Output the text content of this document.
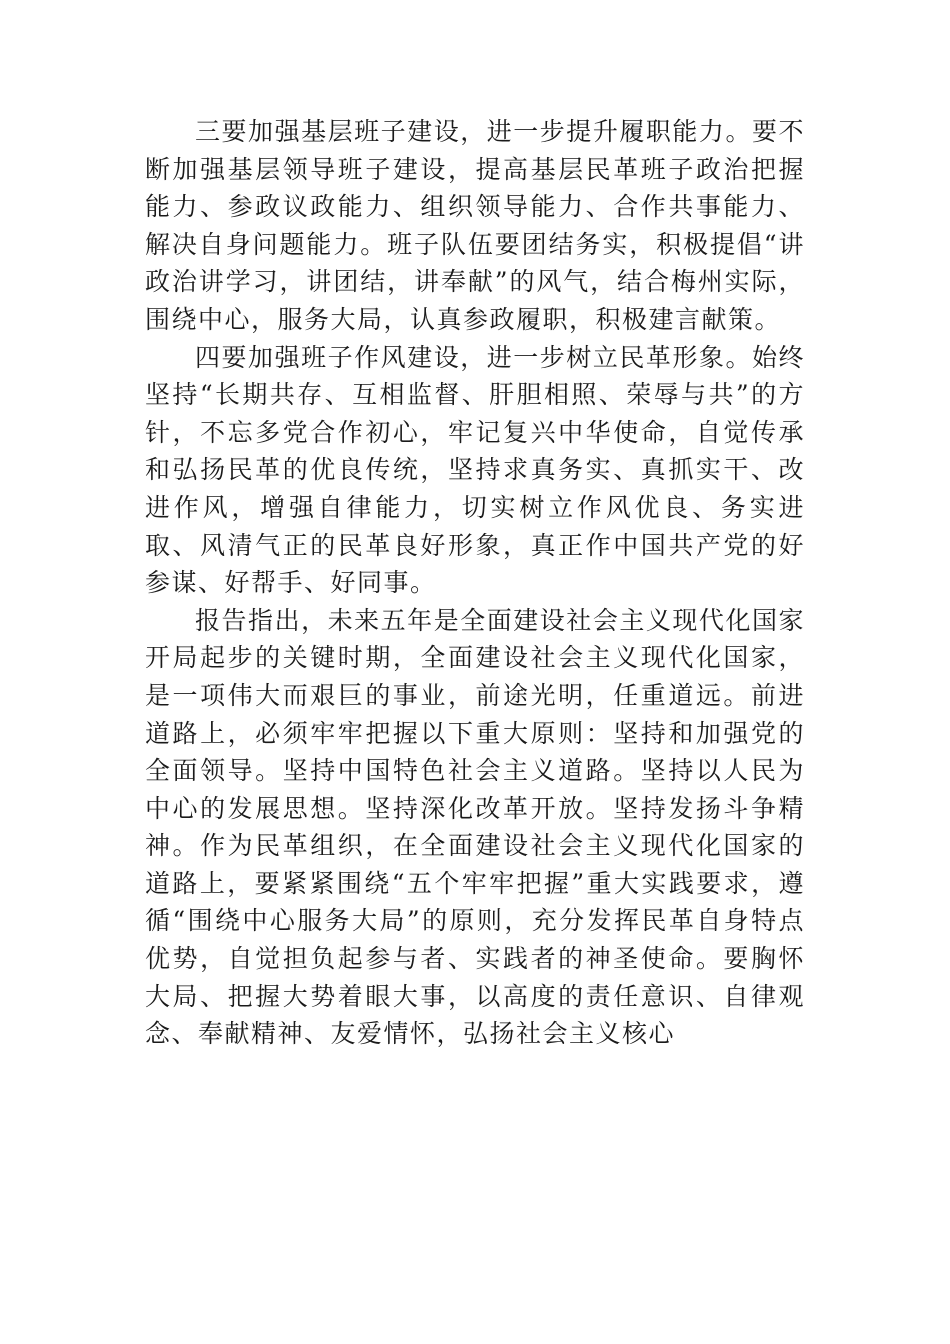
三要加强基层班子建设，进一步提升履职能力。要不断加强基层领导班子建设，提高基层民革班子政治把握能力、参政议政能力、组织领导能力、合作共事能力、解决自身问题能力。班子队伍要团结务实，积极提倡“讲政治讲学习，讲团结，讲奉献”的风气，结合梅州实际，围绕中心，服务大局，认真参政履职，积极建言献策。

四要加强班子作风建设，进一步树立民革形象。始终坚持“长期共存、互相监督、肝胆相照、荣辱与共”的方针，不忘多党合作初心，牢记复兴中华使命，自觉传承和弘扬民革的优良传统，坚持求真务实、真抓实干、改进作风，增强自律能力，切实树立作风优良、务实进取、风清气正的民革良好形象，真正作中国共产党的好参谋、好帮手、好同事。

报告指出，未来五年是全面建设社会主义现代化国家开局起步的关键时期，全面建设社会主义现代化国家，是一项伟大而艰巨的事业，前途光明，任重道远。前进道路上，必须牢牢把握以下重大原则：坚持和加强党的全面领导。坚持中国特色社会主义道路。坚持以人民为中心的发展思想。坚持深化改革开放。坚持发扬斗争精神。作为民革组织，在全面建设社会主义现代化国家的道路上，要紧紧围绕“五个牢牢把握”重大实践要求，遵循“围绕中心服务大局”的原则，充分发挥民革自身特点优势，自觉担负起参与者、实践者的神圣使命。要胸怀大局、把握大势着眼大事，以高度的责任意识、自律观念、奉献精神、友爱情怀，弘扬社会主义核心
